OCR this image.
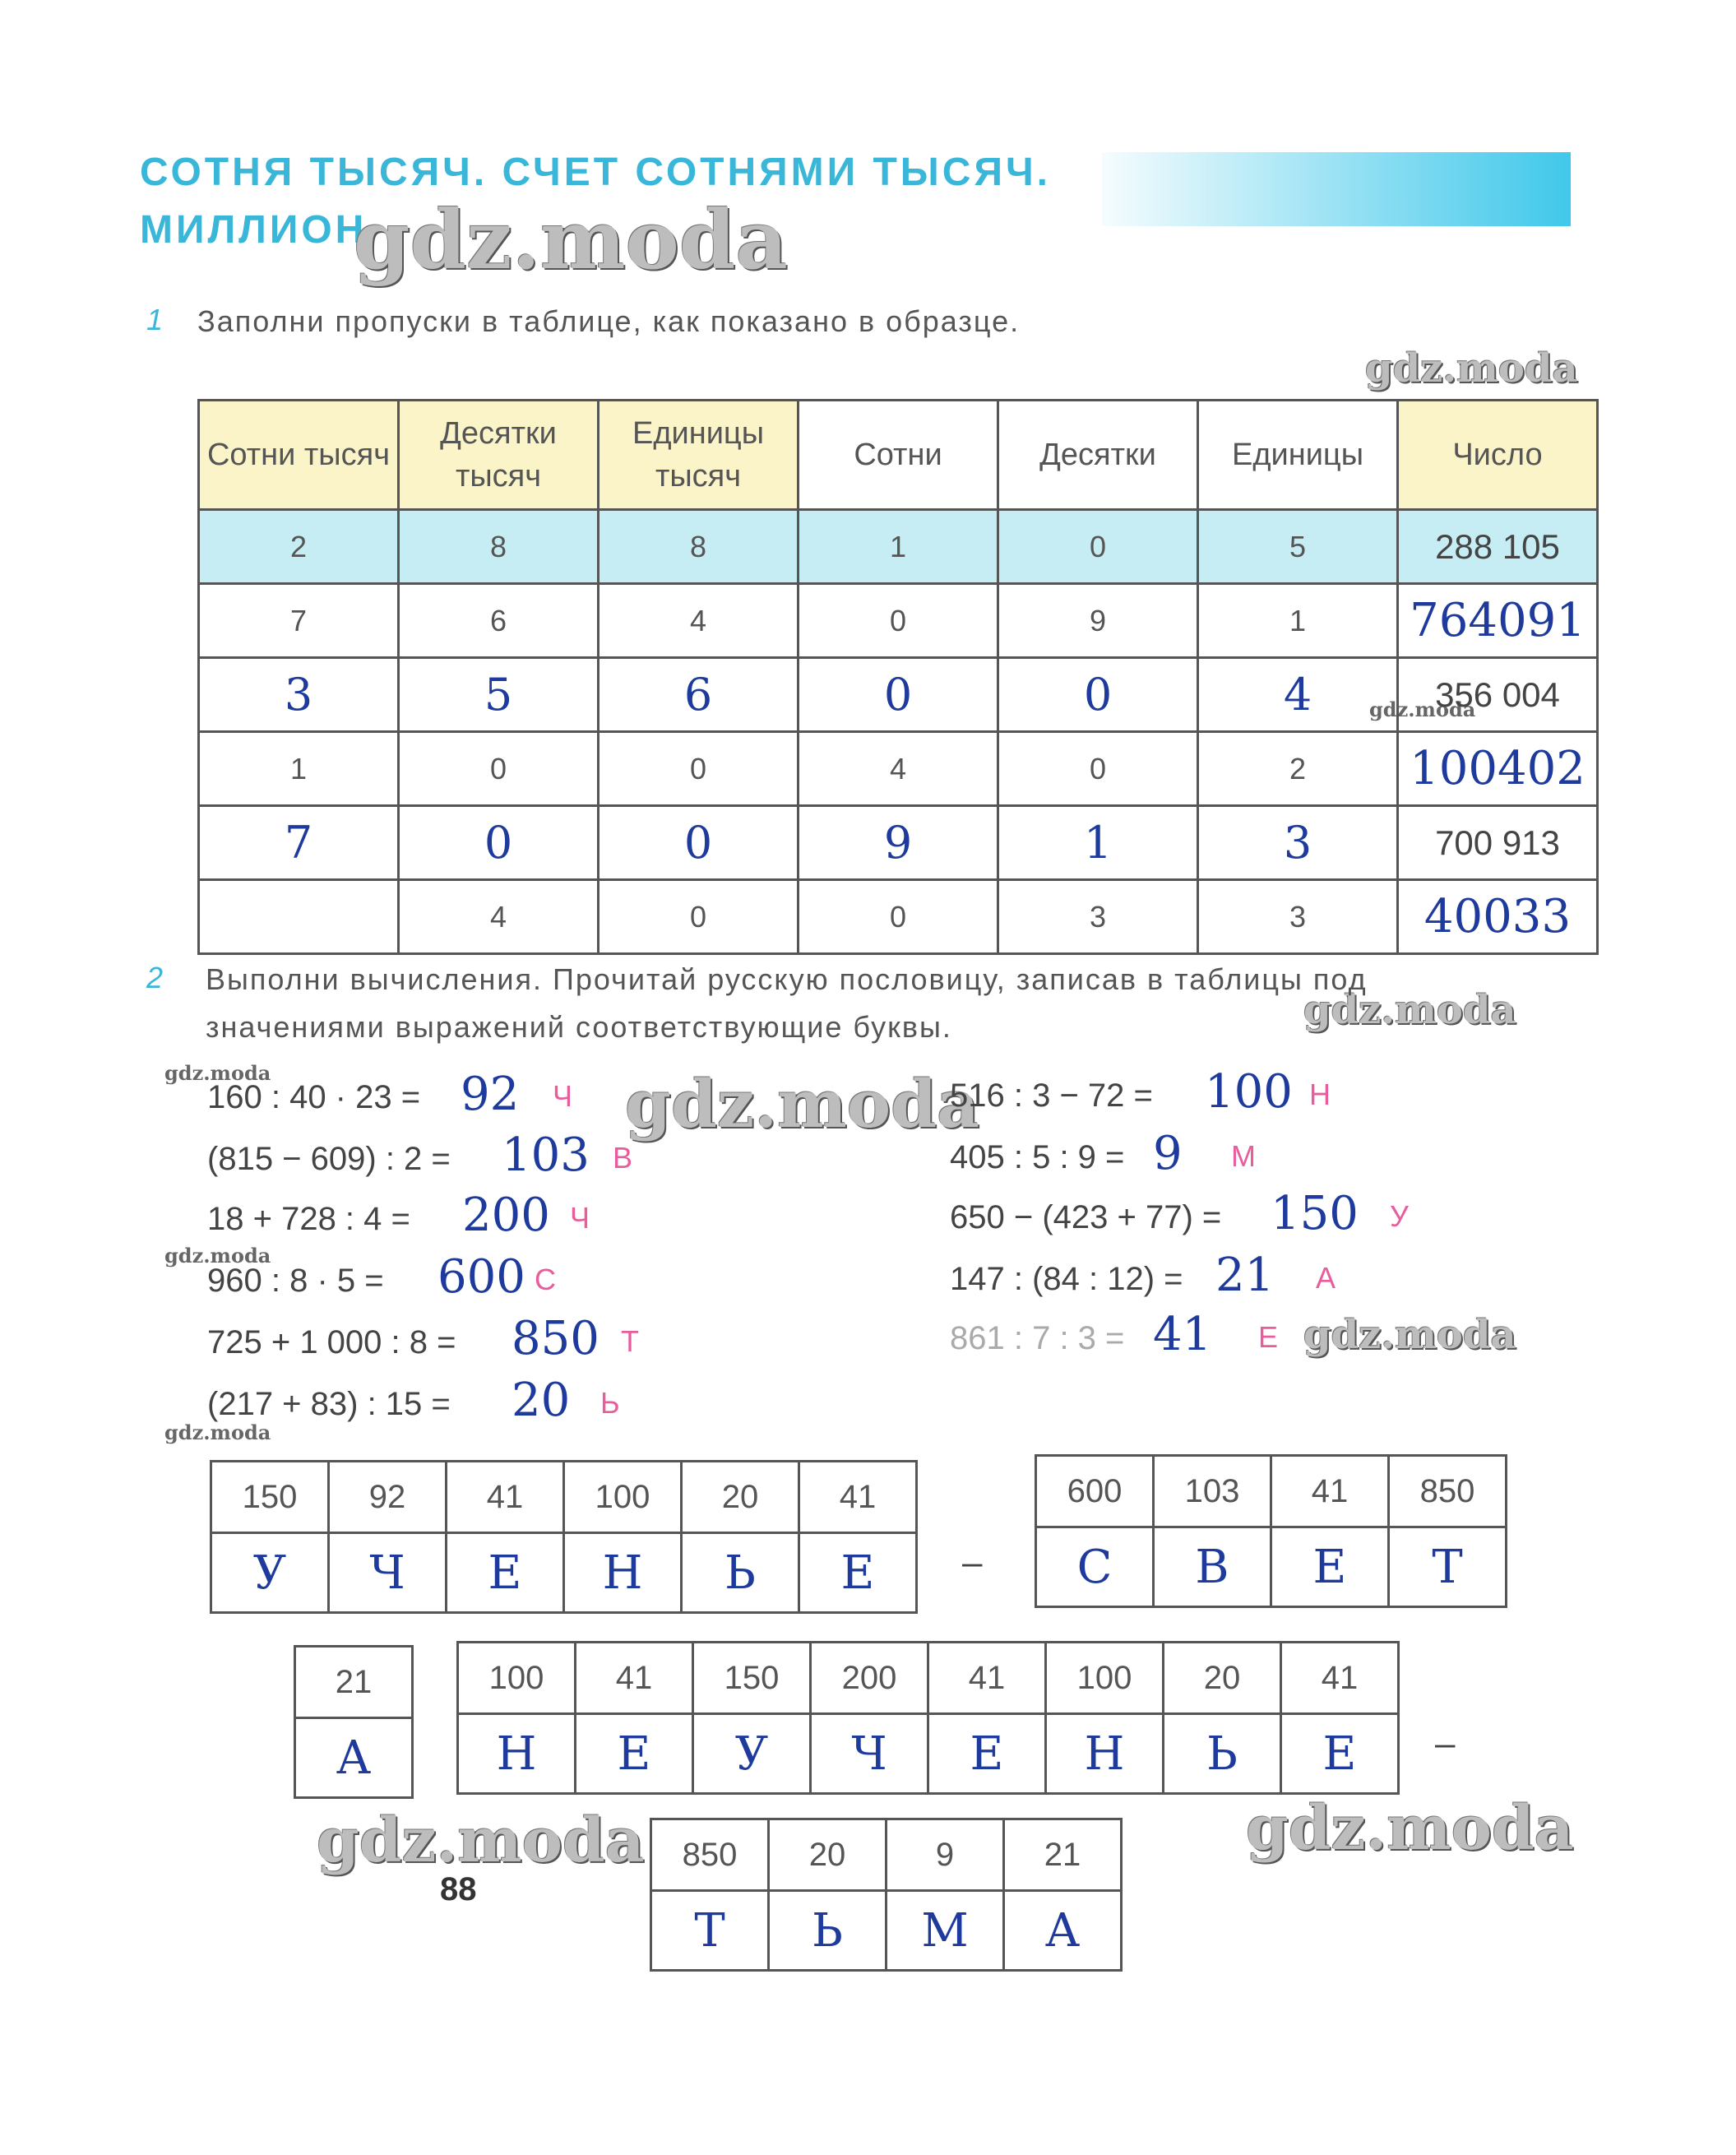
СОТНЯ ТЫСЯЧ. СЧЕТ СОТНЯМИ ТЫСЯЧ.
МИЛЛИОН
gdz.moda
gdz.moda
gdz.moda
gdz.moda
gdz.moda
gdz.moda	gdz.moda
gdz.moda
gdz.moda
gdz.moda
gdz.moda
1 Заполни пропуски в таблице, как показано в образце.
Сотни тысяч	Десятки тысяч	Единицы тысяч	Сотни	Десятки	Единицы	Число
2	8	8	1	0	5	288 105
7	6	4	0	9	1	764091
3	5	6	0	0	4	356 004
1	0	0	4	0	2	100402
7	0	0	9	1	3	700 913
	4	0	0	3	3	40033
2 Выполни вычисления. Прочитай русскую пословицу, записав в таблицы под
значениями выражений соответствующие буквы.
160 : 40 · 23 = 92 Ч
(815 − 609) : 2 = 103 В
18 + 728 : 4 = 200 Ч
960 : 8 · 5 = 600 С
725 + 1 000 : 8 = 850 Т
(217 + 83) : 15 = 20 Ь
516 : 3 − 72 = 100 Н
405 : 5 : 9 = 9 М
650 − (423 + 77) = 150 У
147 : (84 : 12) = 21 А
861 : 7 : 3 = 41 Е
150	92	41	100	20	41
У	Ч	Е	Н	Ь	Е –
600	103	41	850
С	В	Е	Т
21
А
100	41	150	200	41	100	20	41
Н	Е	У	Ч	Е	Н	Ь	Е –
850	20	9	21
Т	Ь	М	А
88
